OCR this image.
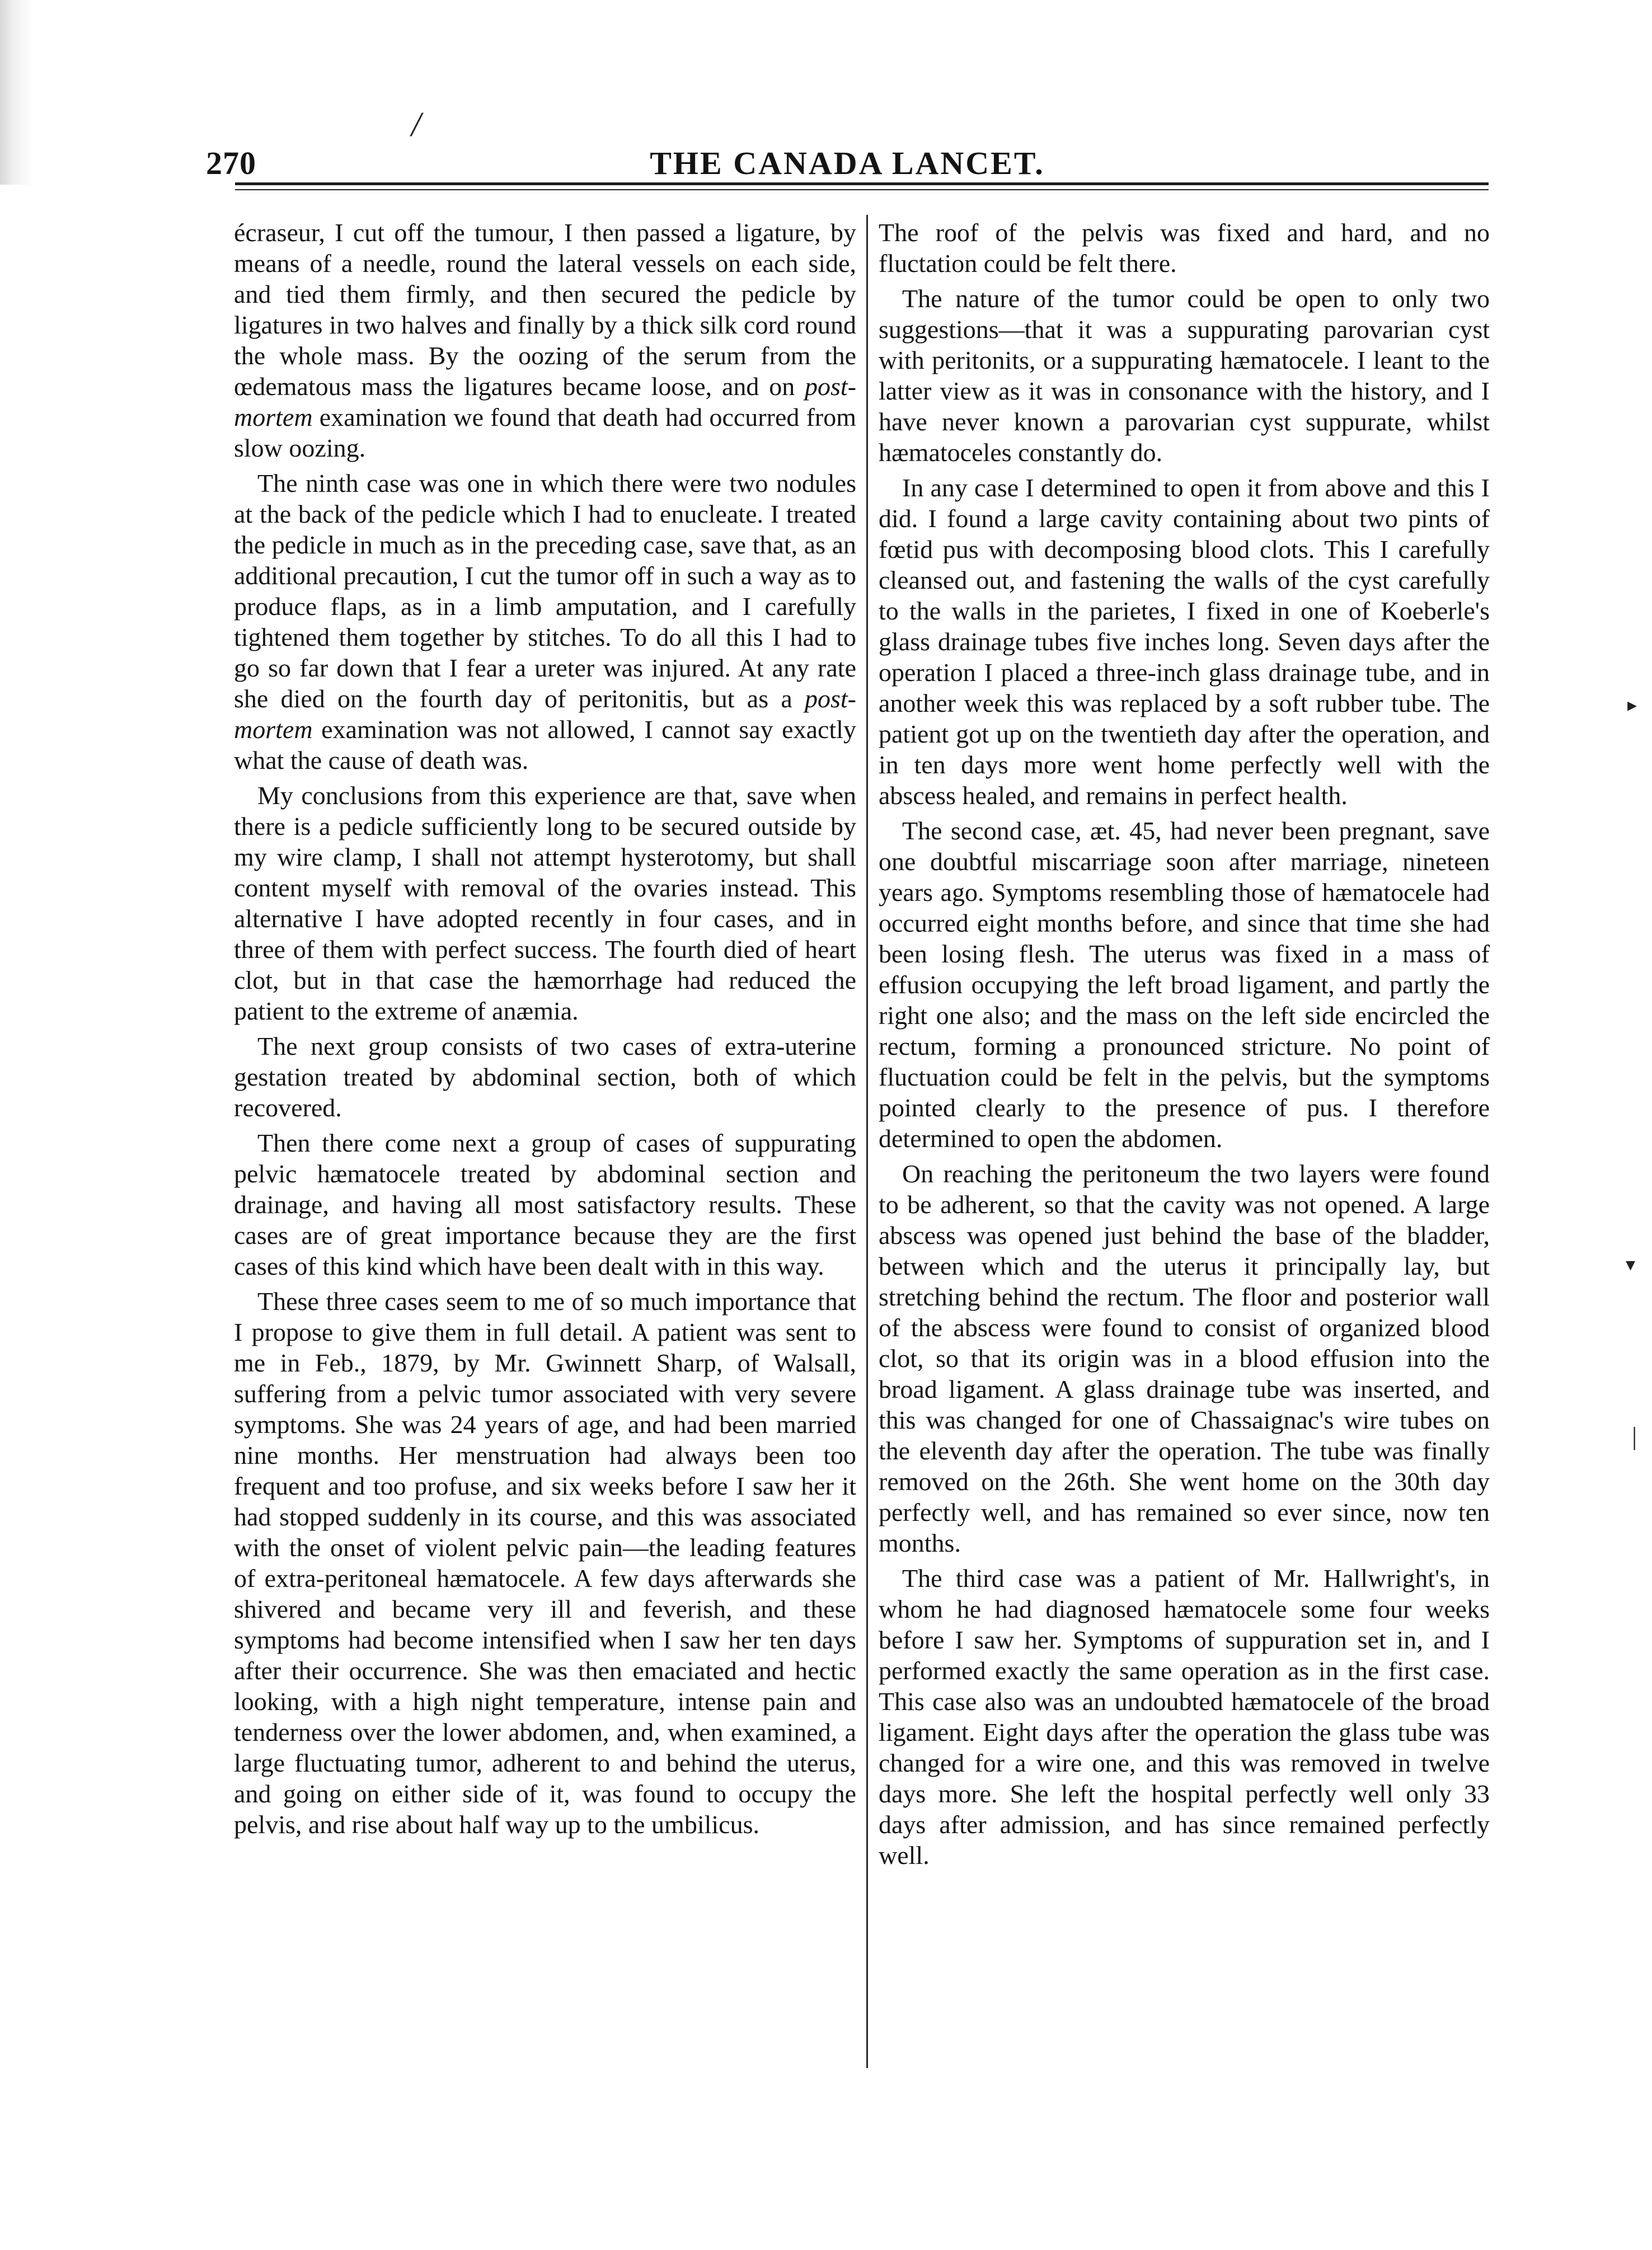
/
270	THE CANADA LANCET.

écraseur, I cut off the tumour, I then passed a ligature, by means of a needle, round the lateral vessels on each side, and tied them firmly, and then secured the pedicle by ligatures in two halves and finally by a thick silk cord round the whole mass. By the oozing of the serum from the œdematous mass the ligatures became loose, and on post-mortem examination we found that death had occurred from slow oozing.

The ninth case was one in which there were two nodules at the back of the pedicle which I had to enucleate. I treated the pedicle in much as in the preceding case, save that, as an additional precaution, I cut the tumor off in such a way as to produce flaps, as in a limb amputation, and I carefully tightened them together by stitches. To do all this I had to go so far down that I fear a ureter was injured. At any rate she died on the fourth day of peritonitis, but as a post-mortem examination was not allowed, I cannot say exactly what the cause of death was.

My conclusions from this experience are that, save when there is a pedicle sufficiently long to be secured outside by my wire clamp, I shall not attempt hysterotomy, but shall content myself with removal of the ovaries instead. This alternative I have adopted recently in four cases, and in three of them with perfect success. The fourth died of heart clot, but in that case the hæmorrhage had reduced the patient to the extreme of anæmia.

The next group consists of two cases of extra-uterine gestation treated by abdominal section, both of which recovered.

Then there come next a group of cases of suppurating pelvic hæmatocele treated by abdominal section and drainage, and having all most satisfactory results. These cases are of great importance because they are the first cases of this kind which have been dealt with in this way.

These three cases seem to me of so much importance that I propose to give them in full detail. A patient was sent to me in Feb., 1879, by Mr. Gwinnett Sharp, of Walsall, suffering from a pelvic tumor associated with very severe symptoms. She was 24 years of age, and had been married nine months. Her menstruation had always been too frequent and too profuse, and six weeks before I saw her it had stopped suddenly in its course, and this was associated with the onset of violent pelvic pain—the leading features of extra-peritoneal hæmatocele. A few days afterwards she shivered and became very ill and feverish, and these symptoms had become intensified when I saw her ten days after their occurrence. She was then emaciated and hectic looking, with a high night temperature, intense pain and tenderness over the lower abdomen, and, when examined, a large fluctuating tumor, adherent to and behind the uterus, and going on either side of it, was found to occupy the pelvis, and rise about half way up to the umbilicus.

The roof of the pelvis was fixed and hard, and no fluctation could be felt there.

The nature of the tumor could be open to only two suggestions—that it was a suppurating parovarian cyst with peritonits, or a suppurating hæmatocele. I leant to the latter view as it was in consonance with the history, and I have never known a parovarian cyst suppurate, whilst hæmatoceles constantly do.

In any case I determined to open it from above and this I did. I found a large cavity containing about two pints of fœtid pus with decomposing blood clots. This I carefully cleansed out, and fastening the walls of the cyst carefully to the walls in the parietes, I fixed in one of Koeberle's glass drainage tubes five inches long. Seven days after the operation I placed a three-inch glass drainage tube, and in another week this was replaced by a soft rubber tube. The patient got up on the twentieth day after the operation, and in ten days more went home perfectly well with the abscess healed, and remains in perfect health.

The second case, æt. 45, had never been pregnant, save one doubtful miscarriage soon after marriage, nineteen years ago. Symptoms resembling those of hæmatocele had occurred eight months before, and since that time she had been losing flesh. The uterus was fixed in a mass of effusion occupying the left broad ligament, and partly the right one also; and the mass on the left side encircled the rectum, forming a pronounced stricture. No point of fluctuation could be felt in the pelvis, but the symptoms pointed clearly to the presence of pus. I therefore determined to open the abdomen.

On reaching the peritoneum the two layers were found to be adherent, so that the cavity was not opened. A large abscess was opened just behind the base of the bladder, between which and the uterus it principally lay, but stretching behind the rectum. The floor and posterior wall of the abscess were found to consist of organized blood clot, so that its origin was in a blood effusion into the broad ligament. A glass drainage tube was inserted, and this was changed for one of Chassaignac's wire tubes on the eleventh day after the operation. The tube was finally removed on the 26th. She went home on the 30th day perfectly well, and has remained so ever since, now ten months.

The third case was a patient of Mr. Hallwright's, in whom he had diagnosed hæmatocele some four weeks before I saw her. Symptoms of suppuration set in, and I performed exactly the same operation as in the first case. This case also was an undoubted hæmatocele of the broad ligament. Eight days after the operation the glass tube was changed for a wire one, and this was removed in twelve days more. She left the hospital perfectly well only 33 days after admission, and has since remained perfectly well.

▸
▾
|
